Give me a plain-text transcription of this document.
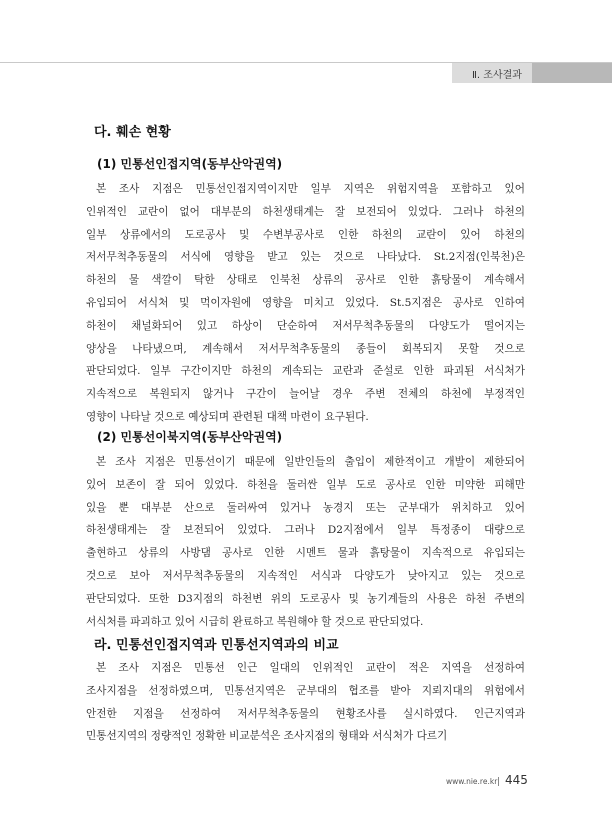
Ⅱ. 조사결과
다. 훼손 현황
(1) 민통선인접지역(동부산악권역)
본 조사 지점은 민통선인접지역이지만 일부 지역은 위험지역을 포함하고 있어
인위적인 교란이 없어 대부분의 하천생태계는 잘 보전되어 있었다. 그러나 하천의
일부 상류에서의 도로공사 및 수변부공사로 인한 하천의 교란이 있어 하천의
저서무척추동물의 서식에 영향을 받고 있는 것으로 나타났다. St.2지점(인북천)은
하천의 물 색깔이 탁한 상태로 인북천 상류의 공사로 인한 흙탕물이 계속해서
유입되어 서식처 및 먹이자원에 영향을 미치고 있었다. St.5지점은 공사로 인하여
하천이 채널화되어 있고 하상이 단순하여 저서무척추동물의 다양도가 떨어지는
양상을 나타냈으며, 계속해서 저서무척추동물의 종들이 회복되지 못할 것으로
판단되었다. 일부 구간이지만 하천의 계속되는 교란과 준설로 인한 파괴된 서식처가
지속적으로 복원되지 않거나 구간이 늘어날 경우 주변 전체의 하천에 부정적인
영향이 나타날 것으로 예상되며 관련된 대책 마련이 요구된다.
(2) 민통선이북지역(동부산악권역)
본 조사 지점은 민통선이기 때문에 일반인들의 출입이 제한적이고 개발이 제한되어
있어 보존이 잘 되어 있었다. 하천을 둘러싼 일부 도로 공사로 인한 미약한 피해만
있을 뿐 대부분 산으로 둘러싸여 있거나 농경지 또는 군부대가 위치하고 있어
하천생태계는 잘 보전되어 있었다. 그러나 D2지점에서 일부 특정종이 대량으로
출현하고 상류의 사방댐 공사로 인한 시멘트 물과 흙탕물이 지속적으로 유입되는
것으로 보아 저서무척추동물의 지속적인 서식과 다양도가 낮아지고 있는 것으로
판단되었다. 또한 D3지점의 하천변 위의 도로공사 및 농기계들의 사용은 하천 주변의
서식처를 파괴하고 있어 시급히 완료하고 복원해야 할 것으로 판단되었다.
라. 민통선인접지역과 민통선지역과의 비교
본 조사 지점은 민통선 인근 일대의 인위적인 교란이 적은 지역을 선정하여
조사지점을 선정하였으며, 민통선지역은 군부대의 협조를 받아 지뢰지대의 위험에서
안전한 지점을 선정하여 저서무척추동물의 현황조사를 실시하였다. 인근지역과
민통선지역의 정량적인 정확한 비교분석은 조사지점의 형태와 서식처가 다르기
www.nie.re.kr 445
